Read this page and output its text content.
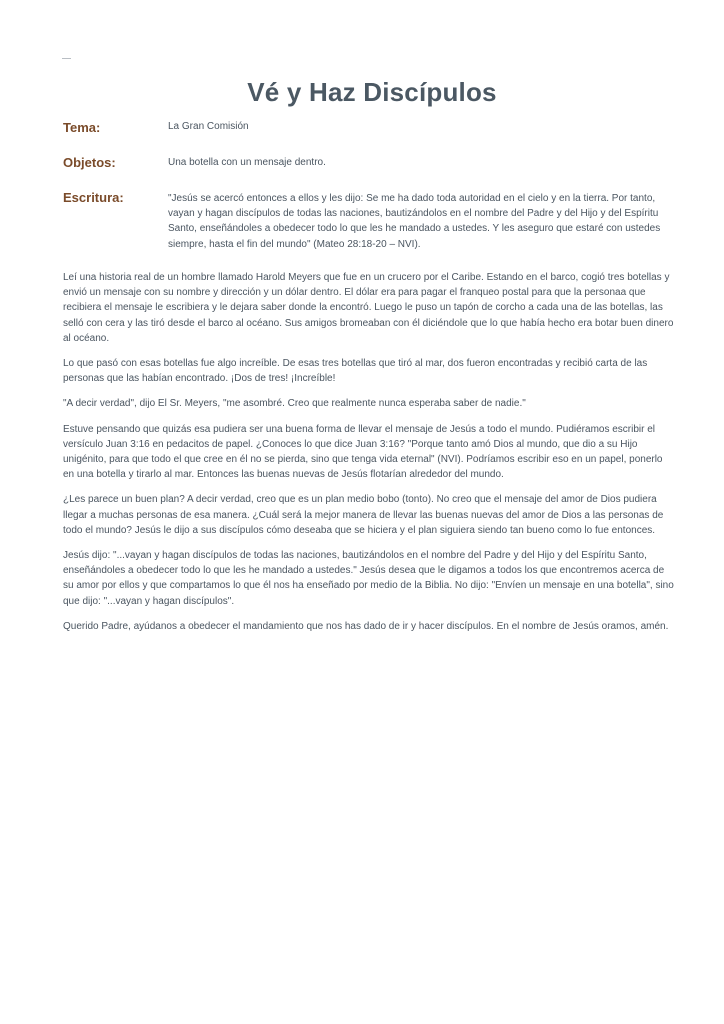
Vé y Haz Discípulos
Tema:	La Gran Comisión
Objetos:	Una botella con un mensaje dentro.
Escritura:	"Jesús se acercó entonces a ellos y les dijo: Se me ha dado toda autoridad en el cielo y en la tierra. Por tanto, vayan y hagan discípulos de todas las naciones, bautizándolos en el nombre del Padre y del Hijo y del Espíritu Santo, enseñándoles a obedecer todo lo que les he mandado a ustedes. Y les aseguro que estaré con ustedes siempre, hasta el fin del mundo" (Mateo 28:18-20 – NVI).

Leí una historia real de un hombre llamado Harold Meyers que fue en un crucero por el Caribe. Estando en el barco, cogió tres botellas y envió un mensaje con su nombre y dirección y un dólar dentro. El dólar era para pagar el franqueo postal para que la personaa que recibiera el mensaje le escribiera y le dejara saber donde la encontró. Luego le puso un tapón de corcho a cada una de las botellas, las selló con cera y las tiró desde el barco al océano. Sus amigos bromeaban con él diciéndole que lo que había hecho era botar buen dinero al océano.

Lo que pasó con esas botellas fue algo increíble. De esas tres botellas que tiró al mar, dos fueron encontradas y recibió carta de las personas que las habían encontrado. ¡Dos de tres! ¡Increíble!

"A decir verdad", dijo El Sr. Meyers, "me asombré. Creo que realmente nunca esperaba saber de nadie."

Estuve pensando que quizás esa pudiera ser una buena forma de llevar el mensaje de Jesús a todo el mundo. Pudiéramos escribir el versículo Juan 3:16 en pedacitos de papel. ¿Conoces lo que dice Juan 3:16? "Porque tanto amó Dios al mundo, que dio a su Hijo unigénito, para que todo el que cree en él no se pierda, sino que tenga vida eternal" (NVI). Podríamos escribir eso en un papel, ponerlo en una botella y tirarlo al mar. Entonces las buenas nuevas de Jesús flotarían alrededor del mundo.

¿Les parece un buen plan? A decir verdad, creo que es un plan medio bobo (tonto). No creo que el mensaje del amor de Dios pudiera llegar a muchas personas de esa manera. ¿Cuál será la mejor manera de llevar las buenas nuevas del amor de Dios a las personas de todo el mundo? Jesús le dijo a sus discípulos cómo deseaba que se hiciera y el plan siguiera siendo tan bueno como lo fue entonces.

Jesús dijo: "...vayan y hagan discípulos de todas las naciones, bautizándolos en el nombre del Padre y del Hijo y del Espíritu Santo, enseñándoles a obedecer todo lo que les he mandado a ustedes." Jesús desea que le digamos a todos los que encontremos acerca de su amor por ellos y que compartamos lo que él nos ha enseñado por medio de la Biblia. No dijo: "Envíen un mensaje en una botella", sino que dijo: "...vayan y hagan discípulos".

Querido Padre, ayúdanos a obedecer el mandamiento que nos has dado de ir y hacer discípulos. En el nombre de Jesús oramos, amén.
